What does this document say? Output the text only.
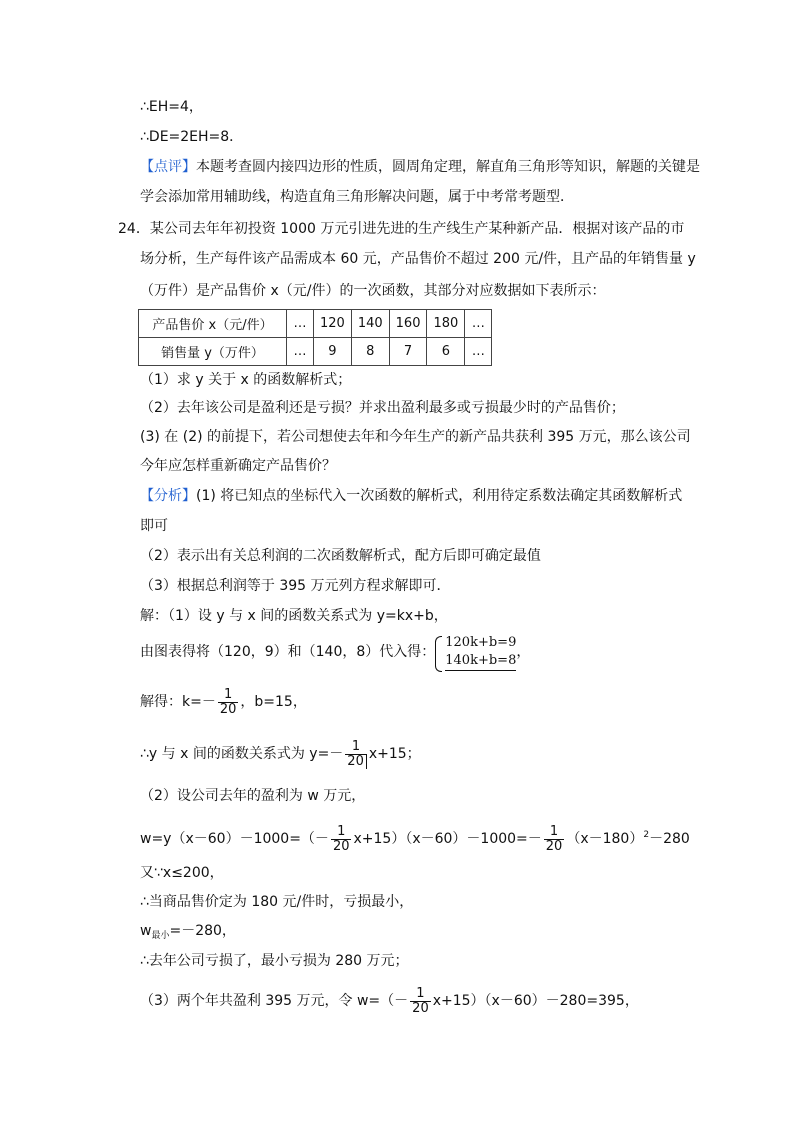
∴EH=4，
∴DE=2EH=8．
【点评】本题考查圆内接四边形的性质，圆周角定理，解直角三角形等知识，解题的关键是
学会添加常用辅助线，构造直角三角形解决问题，属于中考常考题型．
24．某公司去年年初投资 1000 万元引进先进的生产线生产某种新产品．根据对该产品的市
场分析，生产每件该产品需成本 60 元，产品售价不超过 200 元/件，且产品的年销售量 y
（万件）是产品售价 x（元/件）的一次函数，其部分对应数据如下表所示：
产品售价 x（元/件）	…	120	140	160	180	…
销售量 y（万件）	…	9	8	7	6	…
（1）求 y 关于 x 的函数解析式；
（2）去年该公司是盈利还是亏损？并求出盈利最多或亏损最少时的产品售价；
(3) 在 (2) 的前提下，若公司想使去年和今年生产的新产品共获利 395 万元，那么该公司
今年应怎样重新确定产品售价？
【分析】(1) 将已知点的坐标代入一次函数的解析式，利用待定系数法确定其函数解析式
即可
（2）表示出有关总利润的二次函数解析式，配方后即可确定最值
（3）根据总利润等于 395 万元列方程求解即可．
解：（1）设 y 与 x 间的函数关系式为 y=kx+b，
由图表得将（120，9）和（140，8）代入得：
120k+b=9
140k+b=8 ，
解得：$k=- \frac{1}{20}$ ，b=15，
∴y 与 x 间的函数关系式为 $y=- \frac{1}{20} x+15$；
（2）设公司去年的盈利为 w 万元，
$w=y(x-60)-1000=(- \frac{1}{20} x+15)(x-60)-1000=- \frac{1}{20} (x-180)^2-280$
又∵x≤200，
∴当商品售价定为 180 元/件时，亏损最小，
$w_{最小}=-280$，
∴去年公司亏损了，最小亏损为 280 万元；
（3）两个年共盈利 395 万元，令 $w=(- \frac{1}{20} x+15)(x-60)-280=395$，
